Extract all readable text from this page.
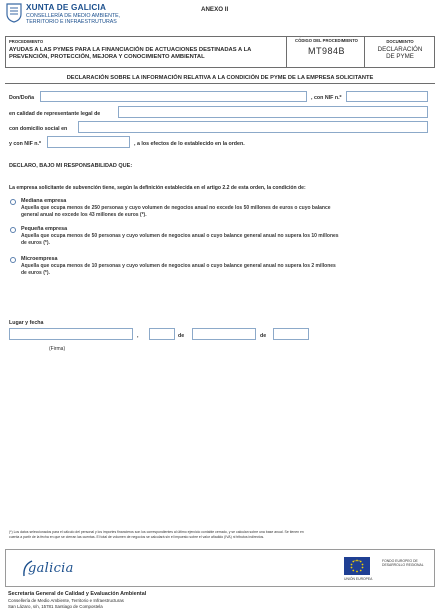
XUNTA DE GALICIA
CONSELLERÍA DE MEDIO AMBIENTE,
TERRITORIO E INFRAESTRUTURAS
ANEXO II
PROCEDIMENTO
AYUDAS A LAS PYMES PARA LA FINANCIACIÓN DE ACTUACIONES DESTINADAS A LA
PREVENCIÓN, PROTECCIÓN, MEJORA Y CONOCIMIENTO AMBIENTAL
CÓDIGO DEL PROCEDIMIENTO
MT984B
DOCUMENTO
DECLARACIÓN
DE PYME
DECLARACIÓN SOBRE LA INFORMACIÓN RELATIVA A LA CONDICIÓN DE PYME DE LA EMPRESA SOLICITANTE
Don/Doña	, con NIF n.º
en calidad de representante legal de
con domicilio social en
y con NIF n.º	, a los efectos de lo establecido en la orden.
DECLARO, BAJO MI RESPONSABILIDAD QUE:
La empresa solicitante de subvención tiene, según la definición establecida en el artigo 2.2 de esta orden, la condición de:
Mediana empresa
Aquella que ocupa menos de 250 personas y cuyo volumen de negocios anual no excede los 50 millones de euros o cuyo balance
general anual no excede los 43 millones de euros (*).
Pequeña empresa
Aquella que ocupa menos de 50 personas y cuyo volumen de negocios anual o cuyo balance general anual no supera los 10 millones
de euros (*).
Microempresa
Aquella que ocupa menos de 10 personas y cuyo volumen de negocios anual o cuyo balance general anual no supera los 2 millones
de euros (*).
Lugar y fecha
,	de	de
(Firma)
(*) Los datos seleccionados para el cálculo del personal y los importes financieros son los correspondientes al último ejercicio contable cerrado, y se calculan sobre una base anual. Se tienen en
cuenta a partir de la fecha en que se cierran las cuentas. El total de volumen de negocios se calculará sin el impuesto sobre el valor añadido (IVA) ni tributos indirectos.
galicia
UNIÓN EUROPEA
FONDO EUROPEO DE
DESARROLLO REGIONAL
Secretaría General de Calidad y Evaluación Ambiental
Consellería de Medio Ambiente, Territorio e Infraestructuras
San Lázaro, s/n, 15781 Santiago de Compostela
